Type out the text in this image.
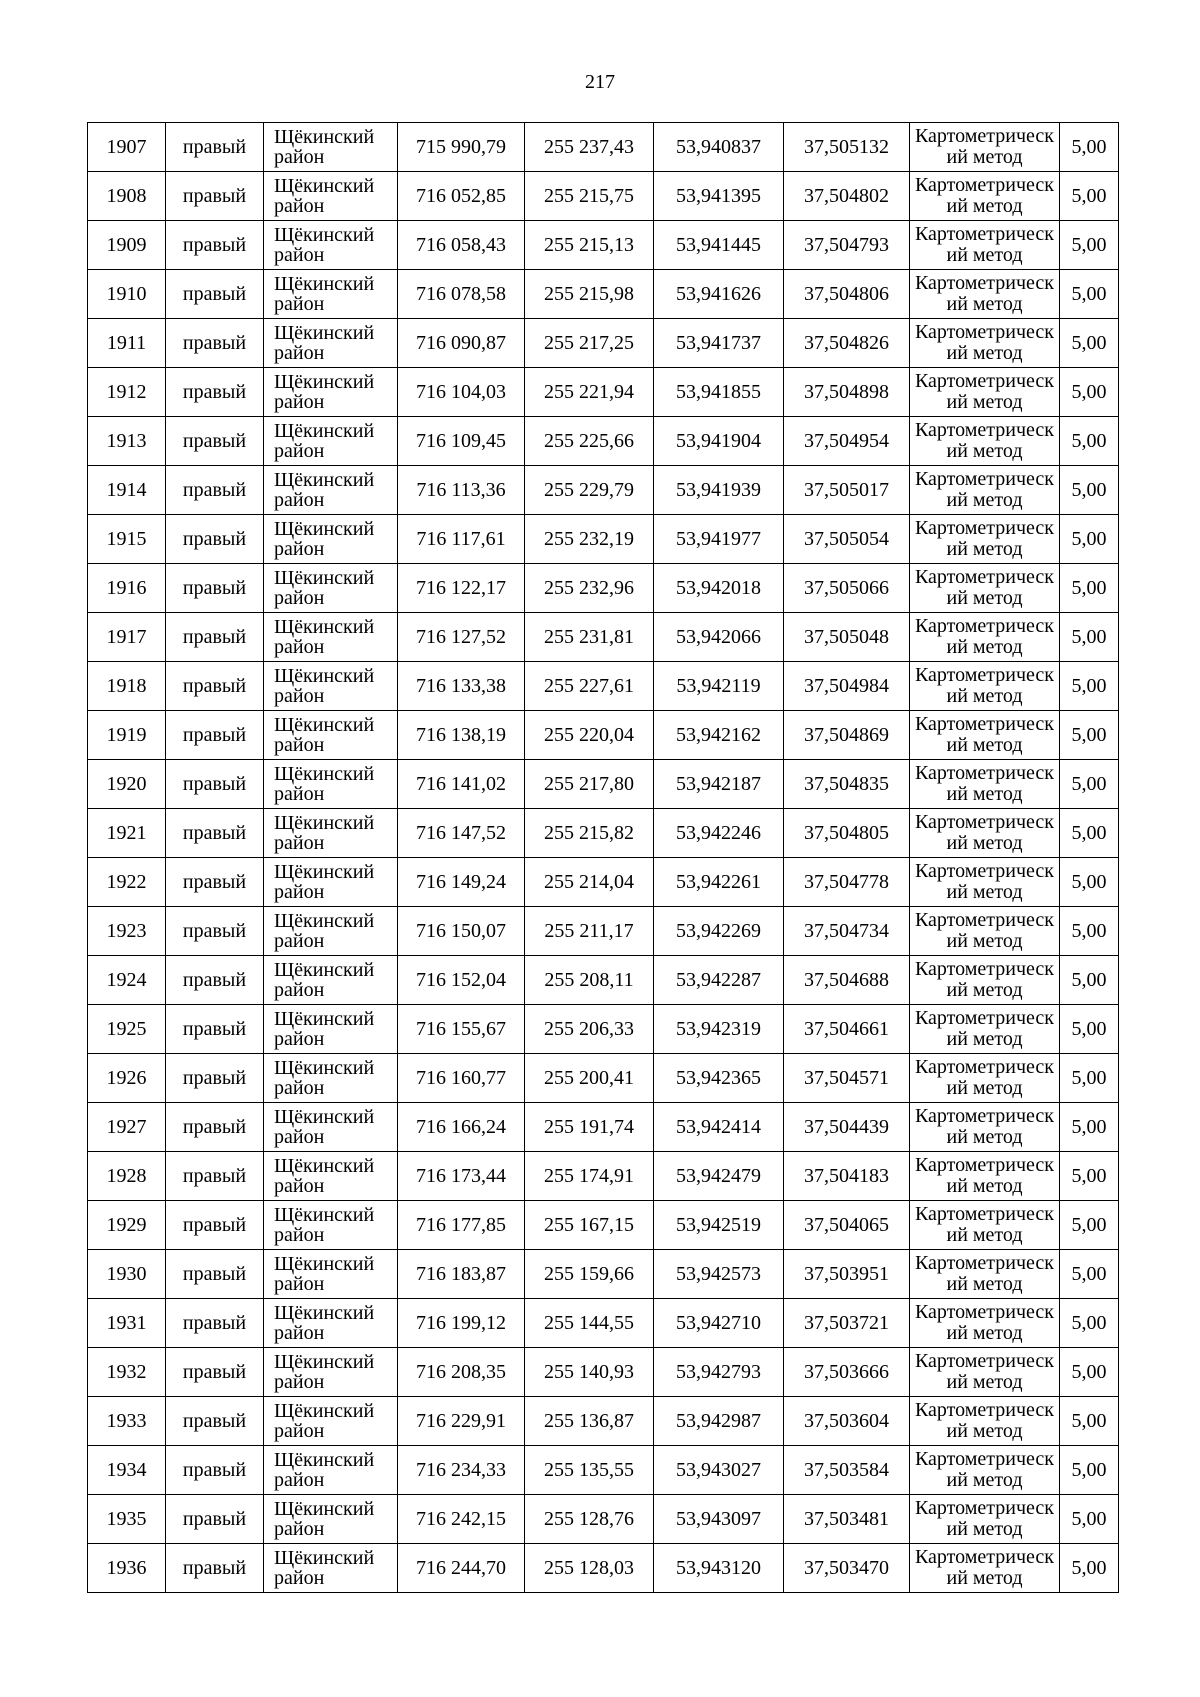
217
1907	правый	Щёкинский район	715 990,79	255 237,43	53,940837	37,505132	Картометрическ ий метод	5,00
1908	правый	Щёкинский район	716 052,85	255 215,75	53,941395	37,504802	Картометрическ ий метод	5,00
1909	правый	Щёкинский район	716 058,43	255 215,13	53,941445	37,504793	Картометрическ ий метод	5,00
1910	правый	Щёкинский район	716 078,58	255 215,98	53,941626	37,504806	Картометрическ ий метод	5,00
1911	правый	Щёкинский район	716 090,87	255 217,25	53,941737	37,504826	Картометрическ ий метод	5,00
1912	правый	Щёкинский район	716 104,03	255 221,94	53,941855	37,504898	Картометрическ ий метод	5,00
1913	правый	Щёкинский район	716 109,45	255 225,66	53,941904	37,504954	Картометрическ ий метод	5,00
1914	правый	Щёкинский район	716 113,36	255 229,79	53,941939	37,505017	Картометрическ ий метод	5,00
1915	правый	Щёкинский район	716 117,61	255 232,19	53,941977	37,505054	Картометрическ ий метод	5,00
1916	правый	Щёкинский район	716 122,17	255 232,96	53,942018	37,505066	Картометрическ ий метод	5,00
1917	правый	Щёкинский район	716 127,52	255 231,81	53,942066	37,505048	Картометрическ ий метод	5,00
1918	правый	Щёкинский район	716 133,38	255 227,61	53,942119	37,504984	Картометрическ ий метод	5,00
1919	правый	Щёкинский район	716 138,19	255 220,04	53,942162	37,504869	Картометрическ ий метод	5,00
1920	правый	Щёкинский район	716 141,02	255 217,80	53,942187	37,504835	Картометрическ ий метод	5,00
1921	правый	Щёкинский район	716 147,52	255 215,82	53,942246	37,504805	Картометрическ ий метод	5,00
1922	правый	Щёкинский район	716 149,24	255 214,04	53,942261	37,504778	Картометрическ ий метод	5,00
1923	правый	Щёкинский район	716 150,07	255 211,17	53,942269	37,504734	Картометрическ ий метод	5,00
1924	правый	Щёкинский район	716 152,04	255 208,11	53,942287	37,504688	Картометрическ ий метод	5,00
1925	правый	Щёкинский район	716 155,67	255 206,33	53,942319	37,504661	Картометрическ ий метод	5,00
1926	правый	Щёкинский район	716 160,77	255 200,41	53,942365	37,504571	Картометрическ ий метод	5,00
1927	правый	Щёкинский район	716 166,24	255 191,74	53,942414	37,504439	Картометрическ ий метод	5,00
1928	правый	Щёкинский район	716 173,44	255 174,91	53,942479	37,504183	Картометрическ ий метод	5,00
1929	правый	Щёкинский район	716 177,85	255 167,15	53,942519	37,504065	Картометрическ ий метод	5,00
1930	правый	Щёкинский район	716 183,87	255 159,66	53,942573	37,503951	Картометрическ ий метод	5,00
1931	правый	Щёкинский район	716 199,12	255 144,55	53,942710	37,503721	Картометрическ ий метод	5,00
1932	правый	Щёкинский район	716 208,35	255 140,93	53,942793	37,503666	Картометрическ ий метод	5,00
1933	правый	Щёкинский район	716 229,91	255 136,87	53,942987	37,503604	Картометрическ ий метод	5,00
1934	правый	Щёкинский район	716 234,33	255 135,55	53,943027	37,503584	Картометрическ ий метод	5,00
1935	правый	Щёкинский район	716 242,15	255 128,76	53,943097	37,503481	Картометрическ ий метод	5,00
1936	правый	Щёкинский район	716 244,70	255 128,03	53,943120	37,503470	Картометрическ ий метод	5,00
